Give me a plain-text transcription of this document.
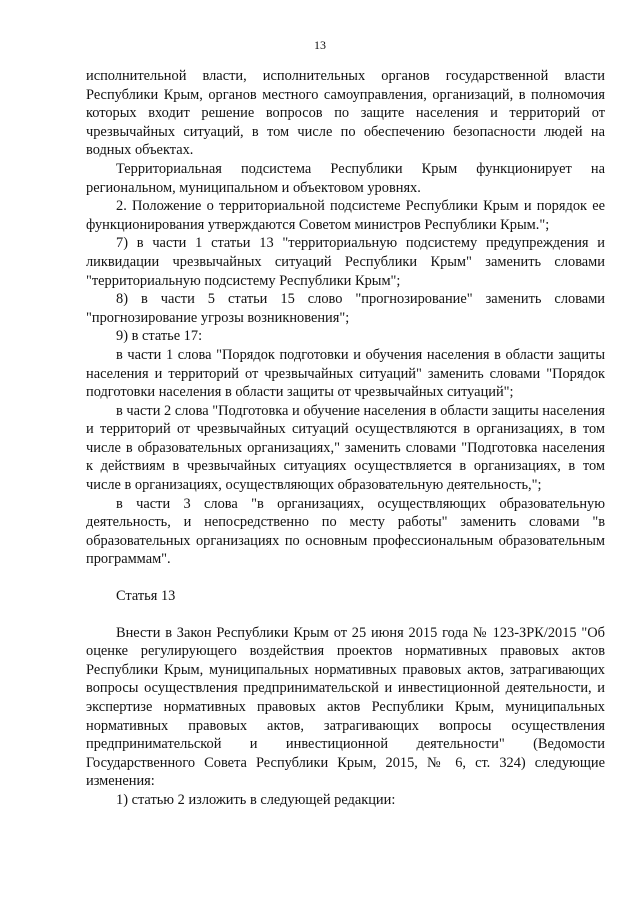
13

исполнительной власти, исполнительных органов государственной власти Республики Крым, органов местного самоуправления, организаций, в полномочия которых входит решение вопросов по защите населения и территорий от чрезвычайных ситуаций, в том числе по обеспечению безопасности людей на водных объектах.

Территориальная подсистема Республики Крым функционирует на региональном, муниципальном и объектовом уровнях.

2. Положение о территориальной подсистеме Республики Крым и порядок ее функционирования утверждаются Советом министров Республики Крым.";

7) в части 1 статьи 13 "территориальную подсистему предупреждения и ликвидации чрезвычайных ситуаций Республики Крым" заменить словами "территориальную подсистему Республики Крым";

8) в части 5 статьи 15 слово "прогнозирование" заменить словами "прогнозирование угрозы возникновения";

9) в статье 17:

в части 1 слова "Порядок подготовки и обучения населения в области защиты населения и территорий от чрезвычайных ситуаций" заменить словами "Порядок подготовки населения в области защиты от чрезвычайных ситуаций";

в части 2 слова "Подготовка и обучение населения в области защиты населения и территорий от чрезвычайных ситуаций осуществляются в организациях, в том числе в образовательных организациях," заменить словами "Подготовка населения к действиям в чрезвычайных ситуациях осуществляется в организациях, в том числе в организациях, осуществляющих образовательную деятельность,";

в части 3 слова "в организациях, осуществляющих образовательную деятельность, и непосредственно по месту работы" заменить словами "в образовательных организациях по основным профессиональным образовательным программам".

Статья 13

Внести в Закон Республики Крым от 25 июня 2015 года № 123-ЗРК/2015 "Об оценке регулирующего воздействия проектов нормативных правовых актов Республики Крым, муниципальных нормативных правовых актов, затрагивающих вопросы осуществления предпринимательской и инвестиционной деятельности, и экспертизе нормативных правовых актов Республики Крым, муниципальных нормативных правовых актов, затрагивающих вопросы осуществления предпринимательской и инвестиционной деятельности" (Ведомости Государственного Совета Республики Крым, 2015, № 6, ст. 324) следующие изменения:

1) статью 2 изложить в следующей редакции:
